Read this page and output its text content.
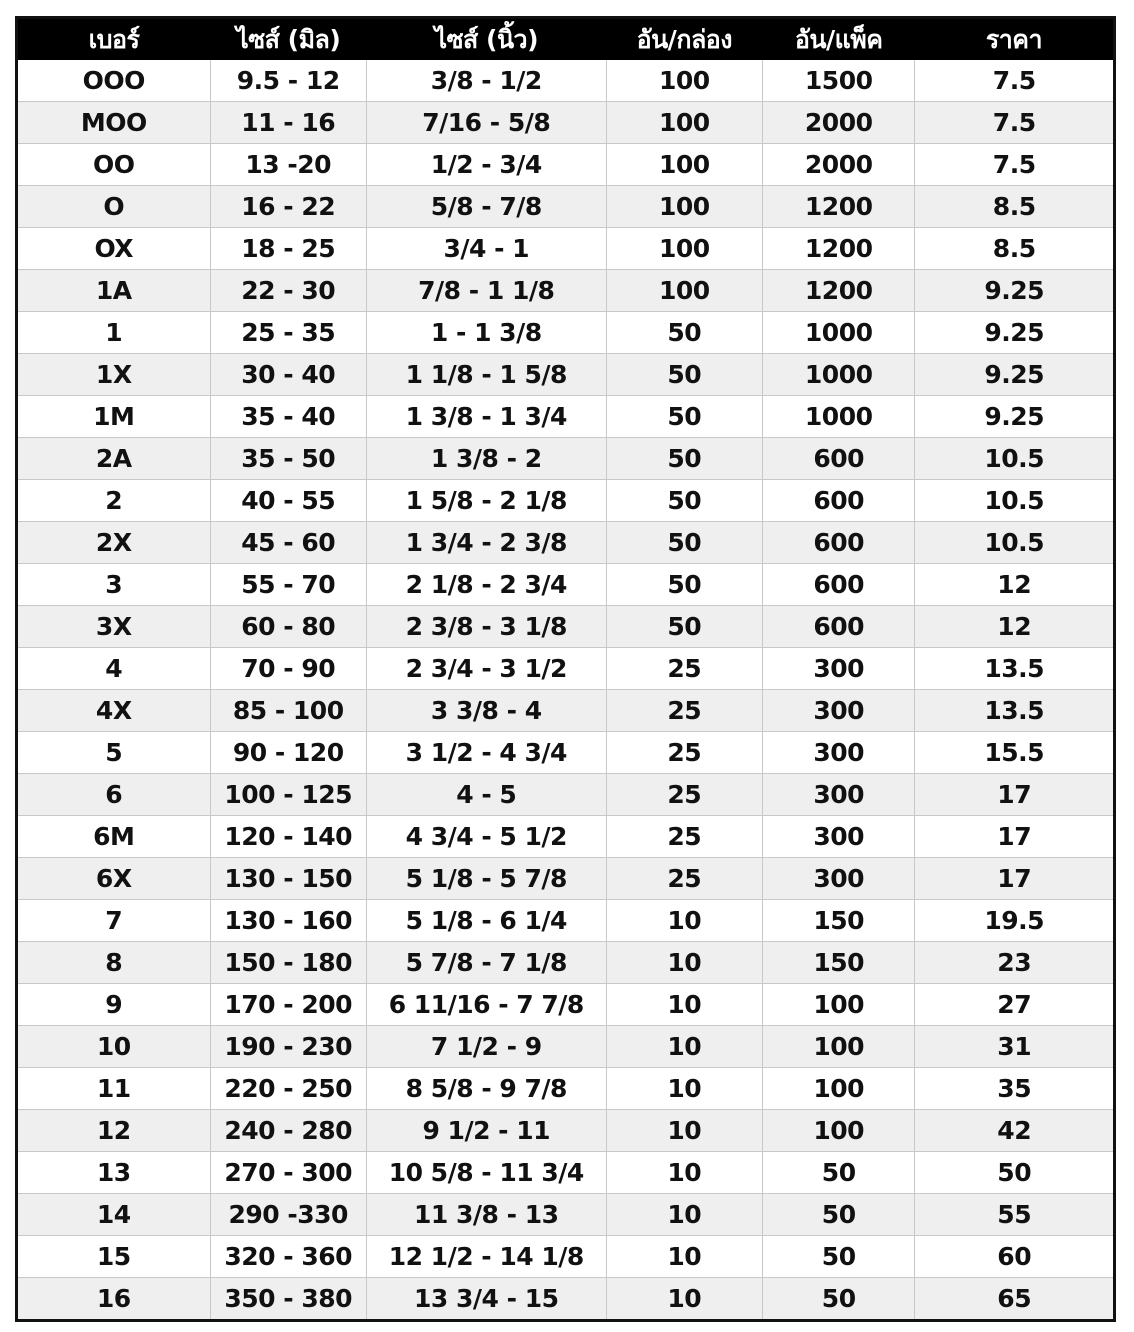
เบอร์	ไซส์ (มิล)	ไซส์ (นิ้ว)	อัน/กล่อง	อัน/แพ็ค	ราคา
OOO	9.5 - 12	3/8 - 1/2	100	1500	7.5
MOO	11 - 16	7/16 - 5/8	100	2000	7.5
OO	13 -20	1/2 - 3/4	100	2000	7.5
O	16 - 22	5/8 - 7/8	100	1200	8.5
OX	18 - 25	3/4 - 1	100	1200	8.5
1A	22 - 30	7/8 - 1 1/8	100	1200	9.25
1	25 - 35	1 - 1 3/8	50	1000	9.25
1X	30 - 40	1 1/8 - 1 5/8	50	1000	9.25
1M	35 - 40	1 3/8 - 1 3/4	50	1000	9.25
2A	35 - 50	1 3/8 - 2	50	600	10.5
2	40 - 55	1 5/8 - 2 1/8	50	600	10.5
2X	45 - 60	1 3/4 - 2 3/8	50	600	10.5
3	55 - 70	2 1/8 - 2 3/4	50	600	12
3X	60 - 80	2 3/8 - 3 1/8	50	600	12
4	70 - 90	2 3/4 - 3 1/2	25	300	13.5
4X	85 - 100	3 3/8 - 4	25	300	13.5
5	90 - 120	3 1/2 - 4 3/4	25	300	15.5
6	100 - 125	4 - 5	25	300	17
6M	120 - 140	4 3/4 - 5 1/2	25	300	17
6X	130 - 150	5 1/8 - 5 7/8	25	300	17
7	130 - 160	5 1/8 - 6 1/4	10	150	19.5
8	150 - 180	5 7/8 - 7 1/8	10	150	23
9	170 - 200	6 11/16 - 7 7/8	10	100	27
10	190 - 230	7 1/2 - 9	10	100	31
11	220 - 250	8 5/8 - 9 7/8	10	100	35
12	240 - 280	9 1/2 - 11	10	100	42
13	270 - 300	10 5/8 - 11 3/4	10	50	50
14	290 -330	11 3/8 - 13	10	50	55
15	320 - 360	12 1/2 - 14 1/8	10	50	60
16	350 - 380	13 3/4 - 15	10	50	65
